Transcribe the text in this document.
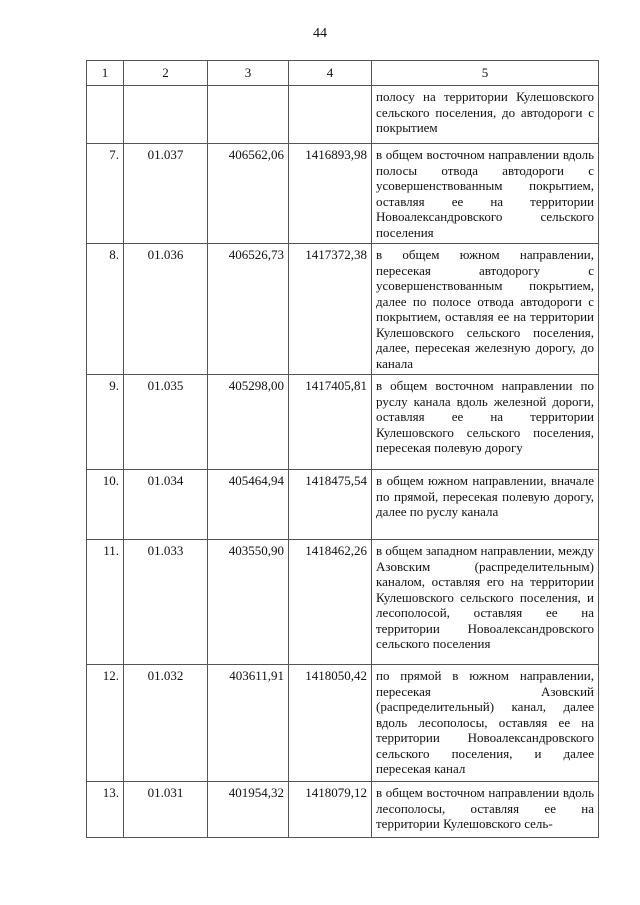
44
1	2	3	4	5
				полосу на территории Кулешовского сельского поселения, до автодороги с покрытием
7.	01.037	406562,06	1416893,98	в общем восточном направлении вдоль полосы отвода автодороги с усовершенствованным покрытием, оставляя ее на территории Новоалександровского сельского поселения
8.	01.036	406526,73	1417372,38	в общем южном направлении, пересекая автодорогу с усовершенствованным покрытием, далее по полосе отвода автодороги с покрытием, оставляя ее на территории Кулешовского сельского поселения, далее, пересекая железную дорогу, до канала
9.	01.035	405298,00	1417405,81	в общем восточном направлении по руслу канала вдоль железной дороги, оставляя ее на территории Кулешовского сельского поселения, пересекая полевую дорогу
10.	01.034	405464,94	1418475,54	в общем южном направлении, вначале по прямой, пересекая полевую дорогу, далее по руслу канала
11.	01.033	403550,90	1418462,26	в общем западном направлении, между Азовским (распределительным) каналом, оставляя его на территории Кулешовского сельского поселения, и лесополосой, оставляя ее на территории Новоалександровского сельского поселения
12.	01.032	403611,91	1418050,42	по прямой в южном направлении, пересекая Азовский (распределительный) канал, далее вдоль лесополосы, оставляя ее на территории Новоалександровского сельского поселения, и далее пересекая канал
13.	01.031	401954,32	1418079,12	в общем восточном направлении вдоль лесополосы, оставляя ее на территории Кулешовского сель-
